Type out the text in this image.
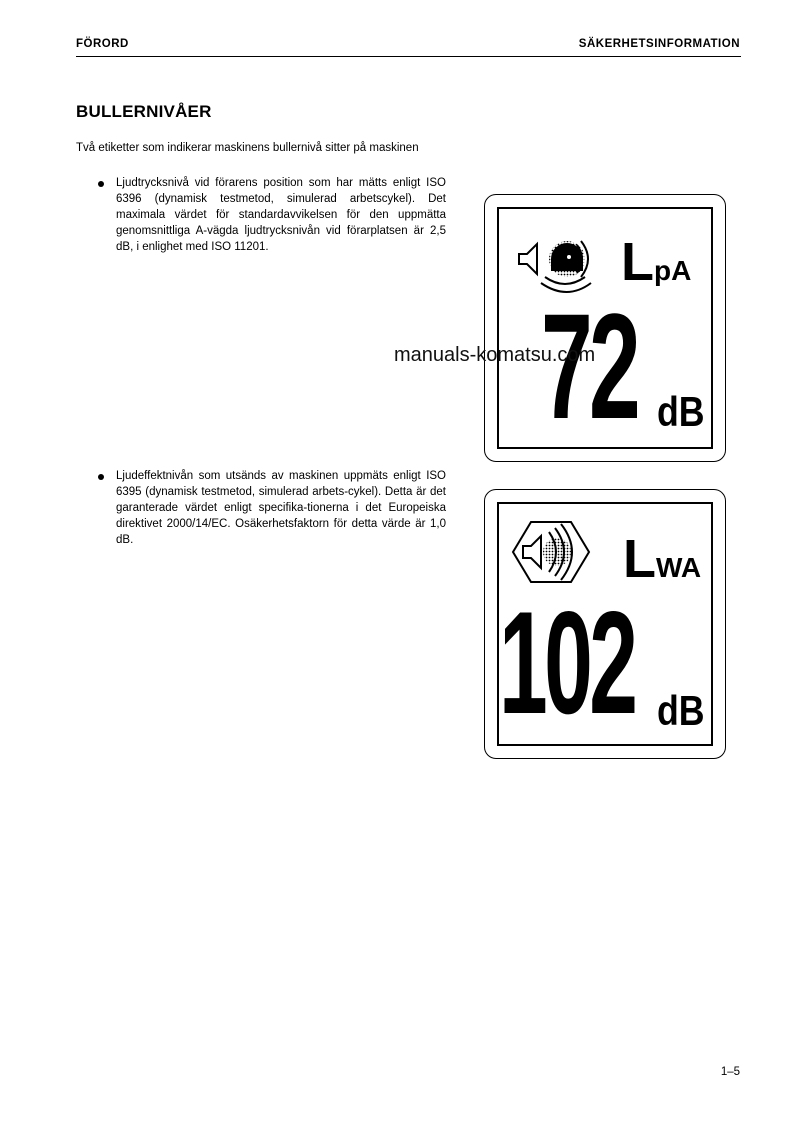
FÖRORD	SÄKERHETSINFORMATION
BULLERNIVÅER
Två etiketter som indikerar maskinens bullernivå sitter på maskinen
Ljudtrycksnivå vid förarens position som har mätts enligt ISO 6396 (dynamisk testmetod, simulerad arbetscykel). Det maximala värdet för standardavvikelsen för den uppmätta genomsnittliga A-vägda ljudtrycksnivån vid förarplatsen är 2,5 dB, i enlighet med ISO 11201.
Ljudeffektnivån som utsänds av maskinen uppmäts enligt ISO 6395 (dynamisk testmetod, simulerad arbets-cykel). Detta är det garanterade värdet enligt specifika-tionerna i det Europeiska direktivet 2000/14/EC. Osäkerhetsfaktorn för detta värde är 1,0 dB.
LpA
72 dB
LWA
102 dB
manuals-komatsu.com
1–5
